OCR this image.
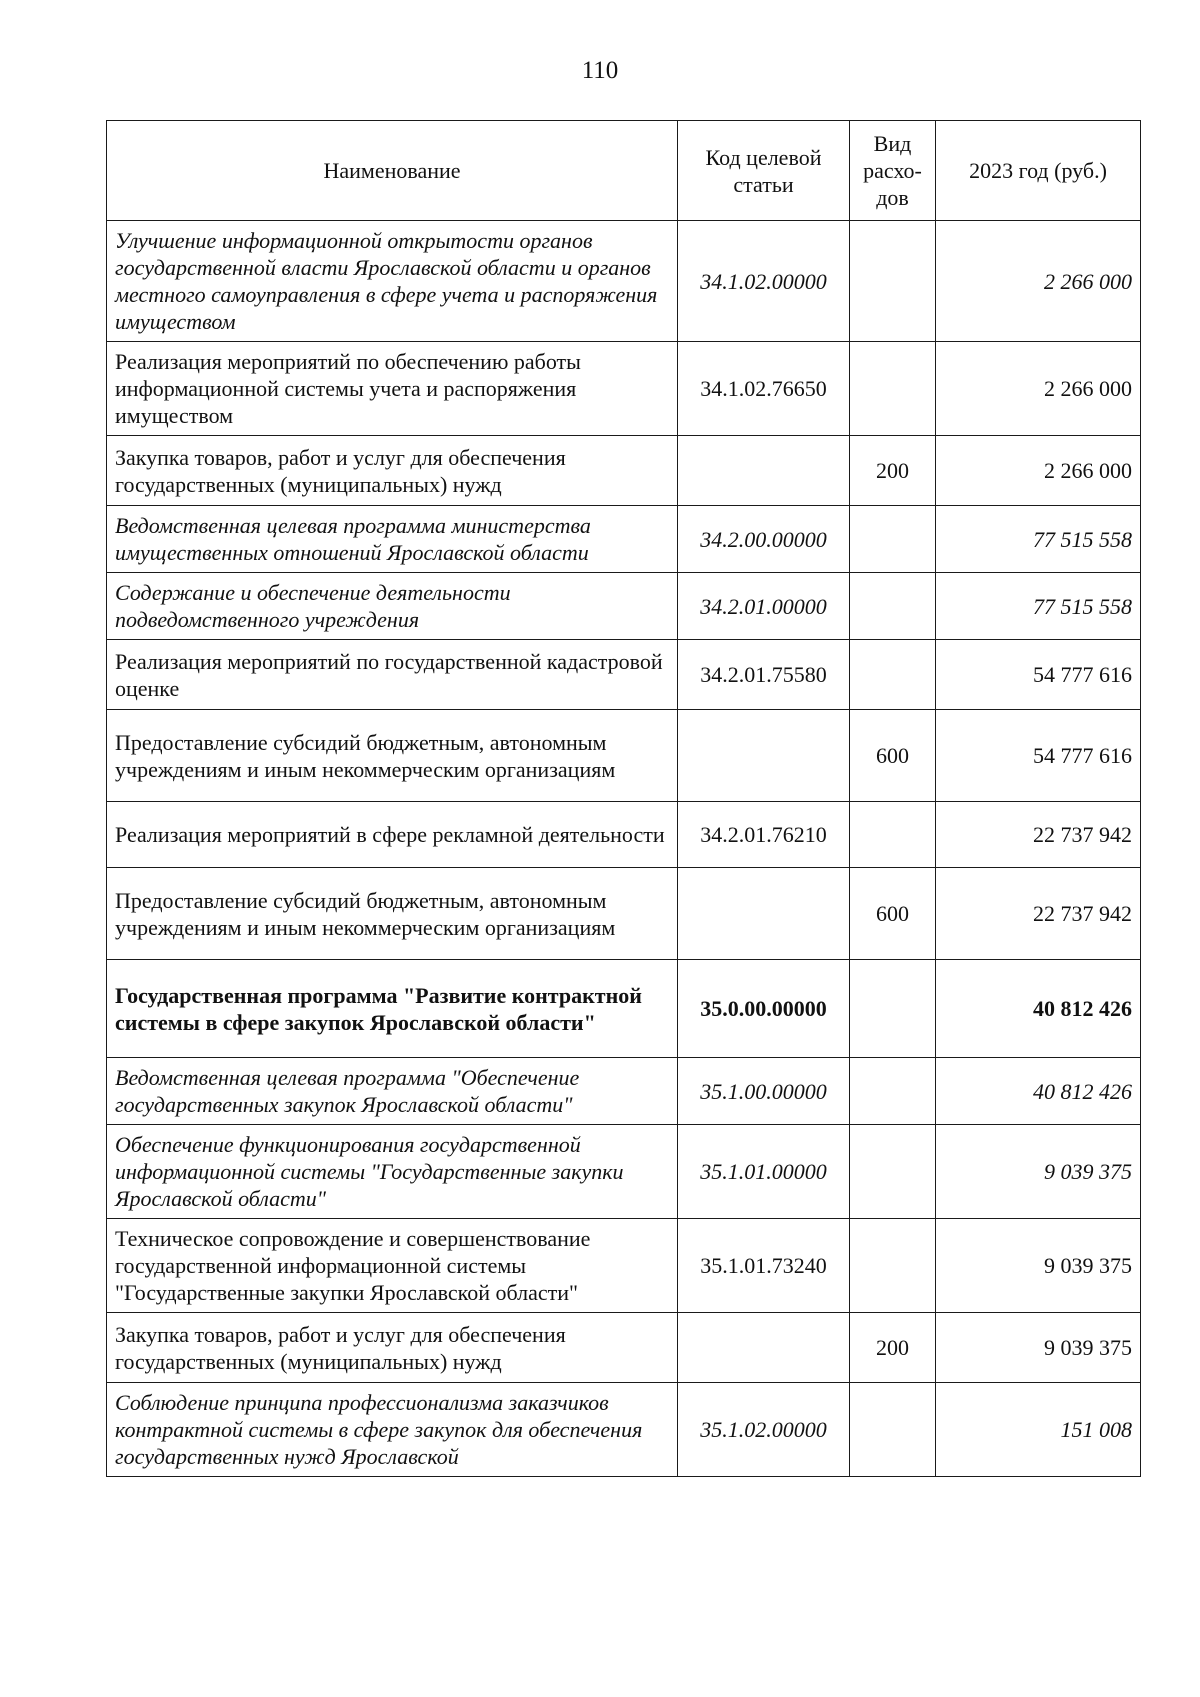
110
Наименование	Код целевой статьи	Вид расхо-дов	2023 год (руб.)
Улучшение информационной открытости органов государственной власти Ярославской области и органов местного самоуправления в сфере учета и распоряжения имуществом	34.1.02.00000		2 266 000
Реализация мероприятий по обеспечению работы информационной системы учета и распоряжения имуществом	34.1.02.76650		2 266 000
Закупка товаров, работ и услуг для обеспечения государственных (муниципальных) нужд		200	2 266 000
Ведомственная целевая программа министерства имущественных отношений Ярославской области	34.2.00.00000		77 515 558
Содержание и обеспечение деятельности подведомственного учреждения	34.2.01.00000		77 515 558
Реализация мероприятий по государственной кадастровой оценке	34.2.01.75580		54 777 616
Предоставление субсидий бюджетным, автономным учреждениям и иным некоммерческим организациям		600	54 777 616
Реализация мероприятий в сфере рекламной деятельности	34.2.01.76210		22 737 942
Предоставление субсидий бюджетным, автономным учреждениям и иным некоммерческим организациям		600	22 737 942
Государственная программа "Развитие контрактной системы в сфере закупок Ярославской области"	35.0.00.00000		40 812 426
Ведомственная целевая программа "Обеспечение государственных закупок Ярославской области"	35.1.00.00000		40 812 426
Обеспечение функционирования государственной информационной системы "Государственные закупки Ярославской области"	35.1.01.00000		9 039 375
Техническое сопровождение и совершенствование государственной информационной системы "Государственные закупки Ярославской области"	35.1.01.73240		9 039 375
Закупка товаров, работ и услуг для обеспечения государственных (муниципальных) нужд		200	9 039 375
Соблюдение принципа профессионализма заказчиков контрактной системы в сфере закупок для обеспечения государственных нужд Ярославской	35.1.02.00000		151 008
